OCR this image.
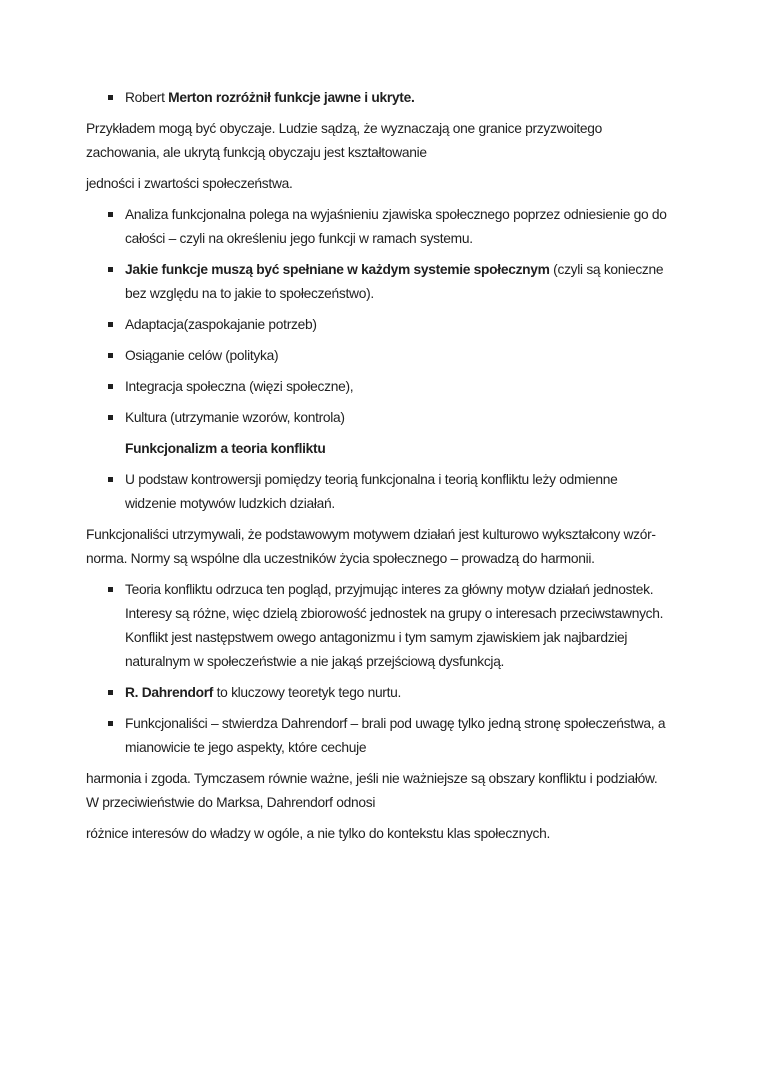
Robert Merton rozróżnił funkcje jawne i ukryte.

Przykładem mogą być obyczaje. Ludzie sądzą, że wyznaczają one granice przyzwoitego zachowania, ale ukrytą funkcją obyczaju jest kształtowanie

jedności i zwartości społeczeństwa.

Analiza funkcjonalna polega na wyjaśnieniu zjawiska społecznego poprzez odniesienie go do całości – czyli na określeniu jego funkcji w ramach systemu.
Jakie funkcje muszą być spełniane w każdym systemie społecznym (czyli są konieczne bez względu na to jakie to społeczeństwo).
Adaptacja(zaspokajanie potrzeb)
Osiąganie celów (polityka)
Integracja społeczna (więzi społeczne),
Kultura (utrzymanie wzorów, kontrola)
Funkcjonalizm a teoria konfliktu
U podstaw kontrowersji pomiędzy teorią funkcjonalna i teorią konfliktu leży odmienne widzenie motywów ludzkich działań.

Funkcjonaliści utrzymywali, że podstawowym motywem działań jest kulturowo wykształcony wzór-norma. Normy są wspólne dla uczestników życia społecznego – prowadzą do harmonii.

Teoria konfliktu odrzuca ten pogląd, przyjmując interes za główny motyw działań jednostek. Interesy są różne, więc dzielą zbiorowość jednostek na grupy o interesach przeciwstawnych. Konflikt jest następstwem owego antagonizmu i tym samym zjawiskiem jak najbardziej naturalnym w społeczeństwie a nie jakąś przejściową dysfunkcją.
R. Dahrendorf to kluczowy teoretyk tego nurtu.
Funkcjonaliści – stwierdza Dahrendorf – brali pod uwagę tylko jedną stronę społeczeństwa, a mianowicie te jego aspekty, które cechuje

harmonia i zgoda. Tymczasem równie ważne, jeśli nie ważniejsze są obszary konfliktu i podziałów. W przeciwieństwie do Marksa, Dahrendorf odnosi

różnice interesów do władzy w ogóle, a nie tylko do kontekstu klas społecznych.
